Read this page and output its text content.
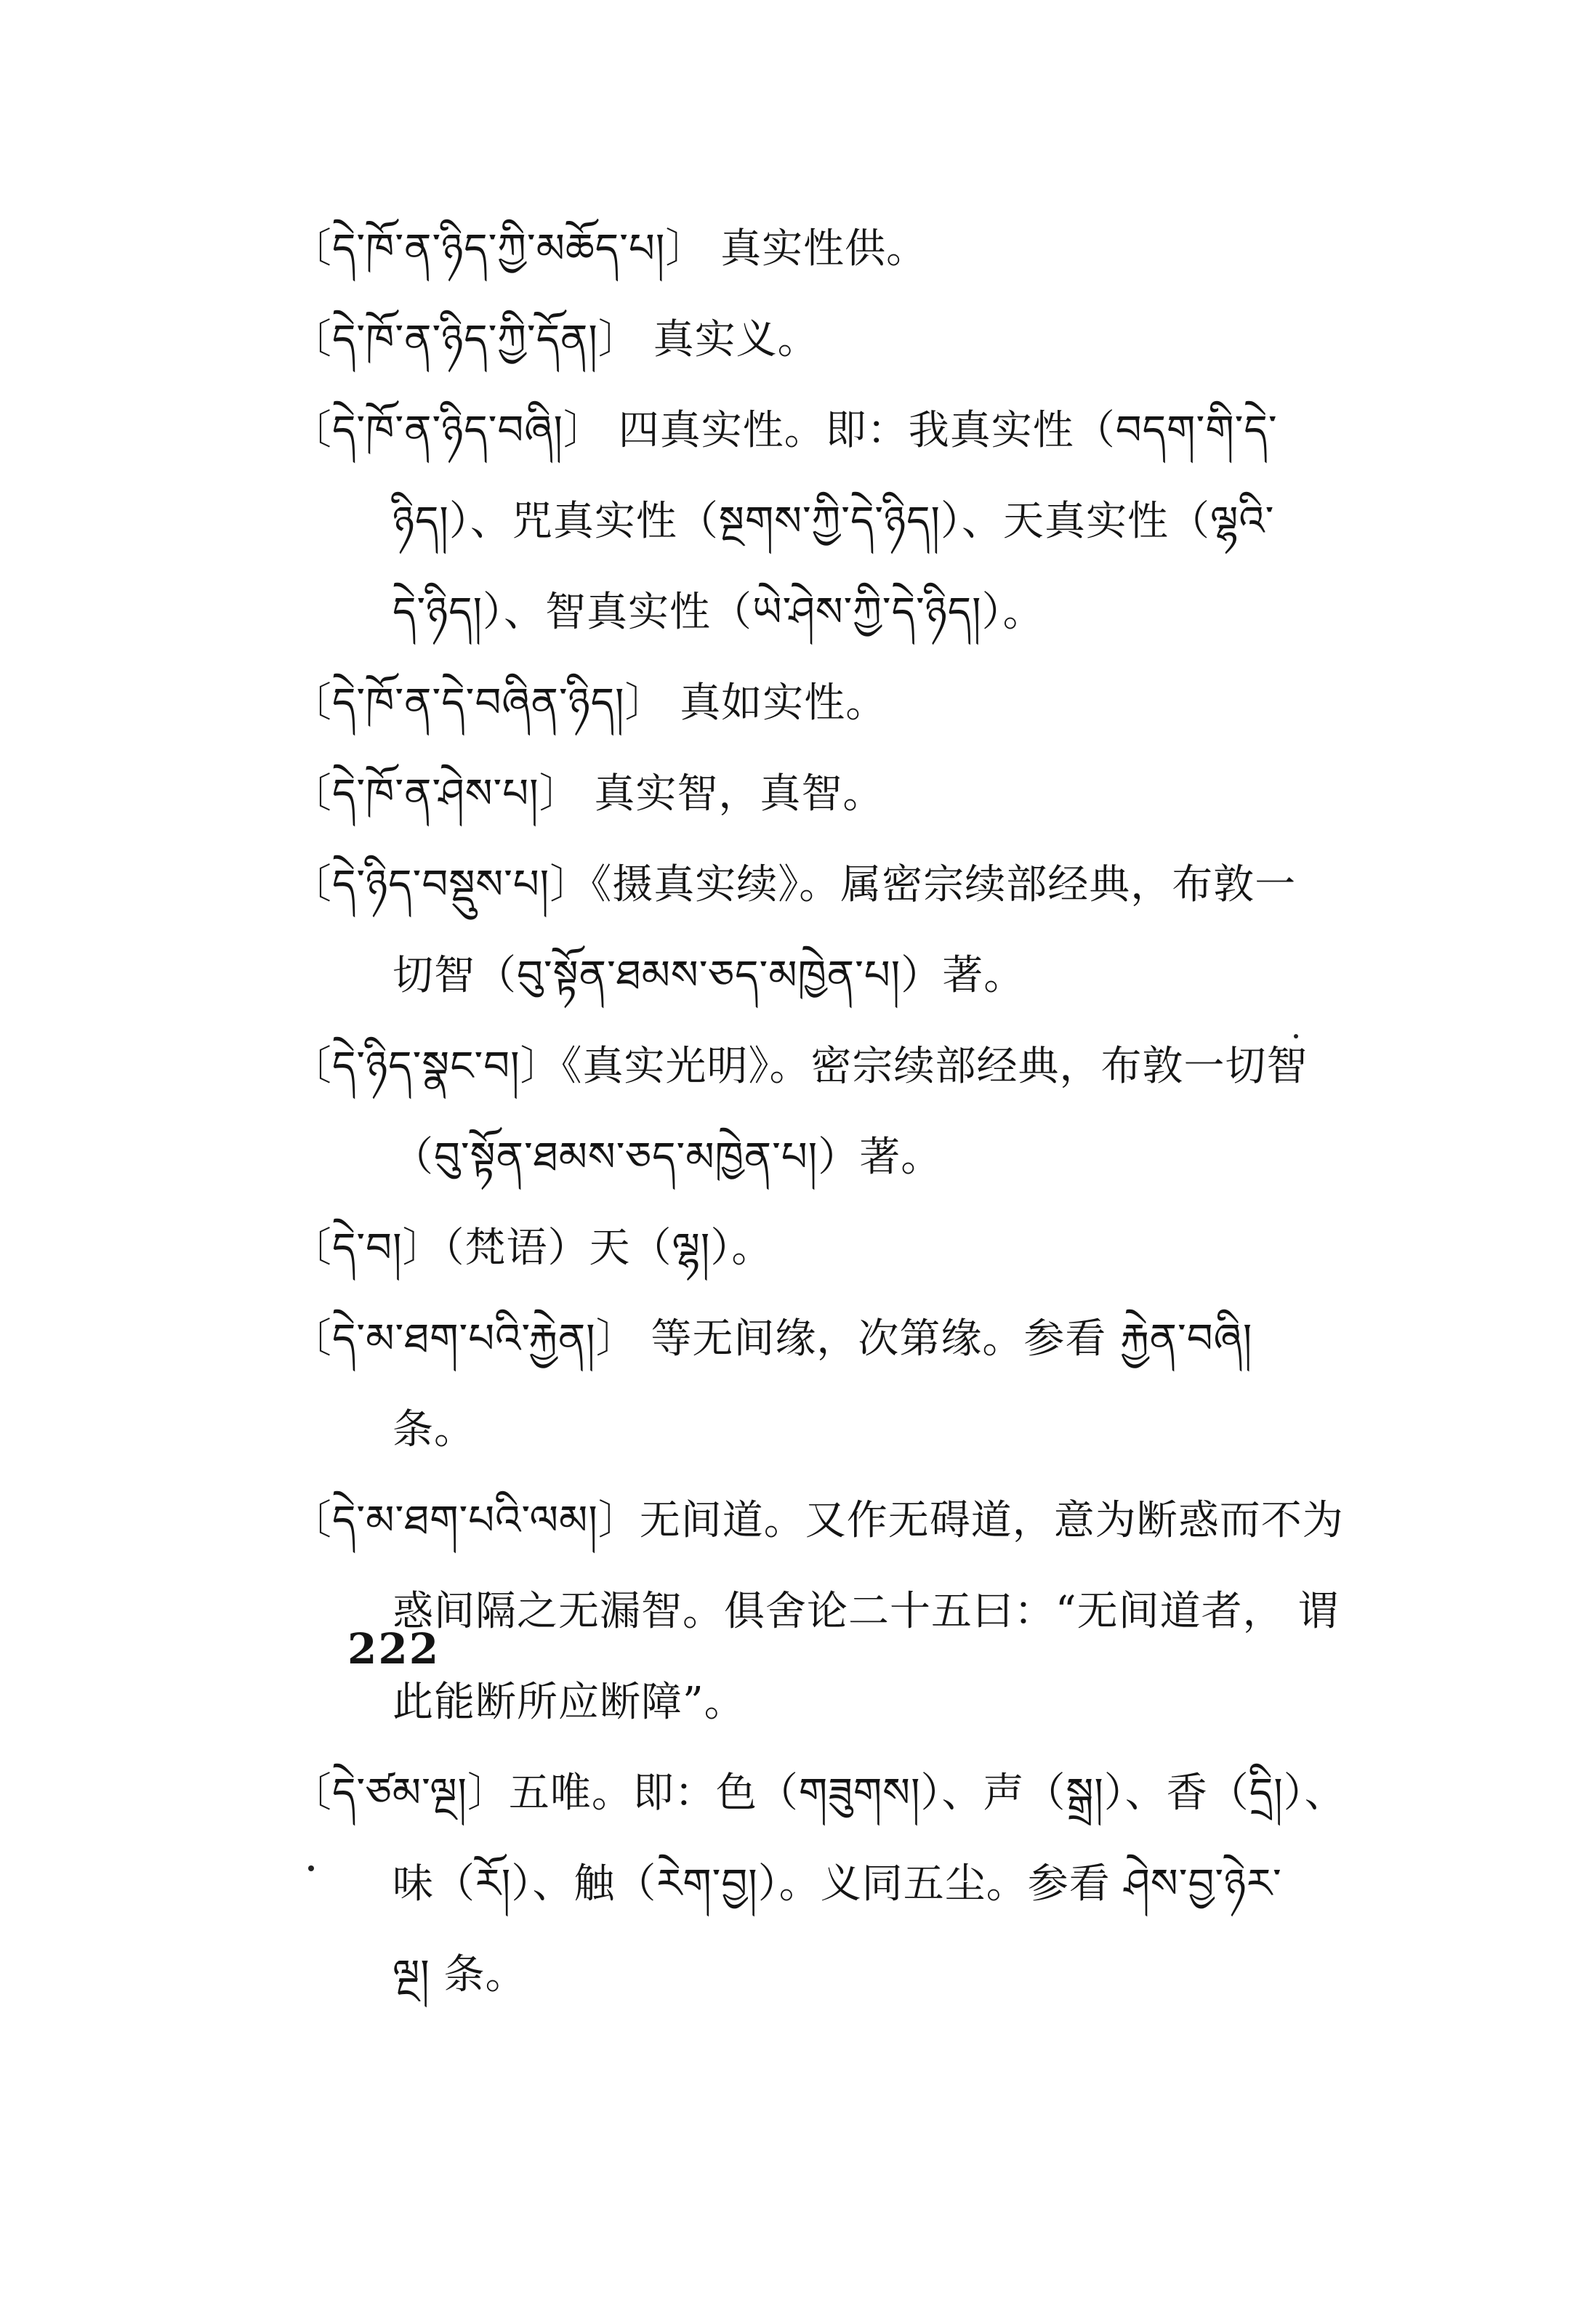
〔དེ་ཁོ་ན་ཉིད་ཀྱི་མཆོད་པ།〕 真实性供。
〔དེ་ཁོ་ན་ཉིད་ཀྱི་དོན།〕 真实义。
〔དེ་ཁོ་ན་ཉིད་བཞི།〕 四真实性。即：我真实性（བདག་གི་དེ་
ཉིད།）、咒真实性（སྔགས་ཀྱི་དེ་ཉིད།）、天真实性（ལྷའི་
དེ་ཉིད།）、智真实性（ཡེ་ཤེས་ཀྱི་དེ་ཉིད།）。
〔དེ་ཁོ་ན་དེ་བཞིན་ཉིད།〕 真如实性。
〔དེ་ཁོ་ན་ཤེས་པ།〕 真实智，真智。
〔དེ་ཉིད་བསྡུས་པ།〕《摄真实续》。属密宗续部经典，布敦一
切智（བུ་སྟོན་ཐམས་ཅད་མཁྱེན་པ།）著。
〔དེ་ཉིད་སྣང་བ།〕《真实光明》。密宗续部经典，布敦一切智
（བུ་སྟོན་ཐམས་ཅད་མཁྱེན་པ།）著。
〔དེ་བ།〕（梵语）天（ལྷ།）。
〔དེ་མ་ཐག་པའི་རྐྱེན།〕 等无间缘，次第缘。参看 རྐྱེན་བཞི།
条。
〔དེ་མ་ཐག་པའི་ལམ།〕无间道。又作无碍道，意为断惑而不为
惑间隔之无漏智。俱舍论二十五曰：“无间道者， 谓
此能断所应断障”。
〔དེ་ཙམ་ལྔ།〕五唯。即：色（གཟུགས།）、声（སྒྲ།）、香（དྲི།）、
味（རོ།）、触（རེག་བྱ།）。义同五尘。参看 ཤེས་བྱ་ཉེར་
ལྔ། 条。
222
